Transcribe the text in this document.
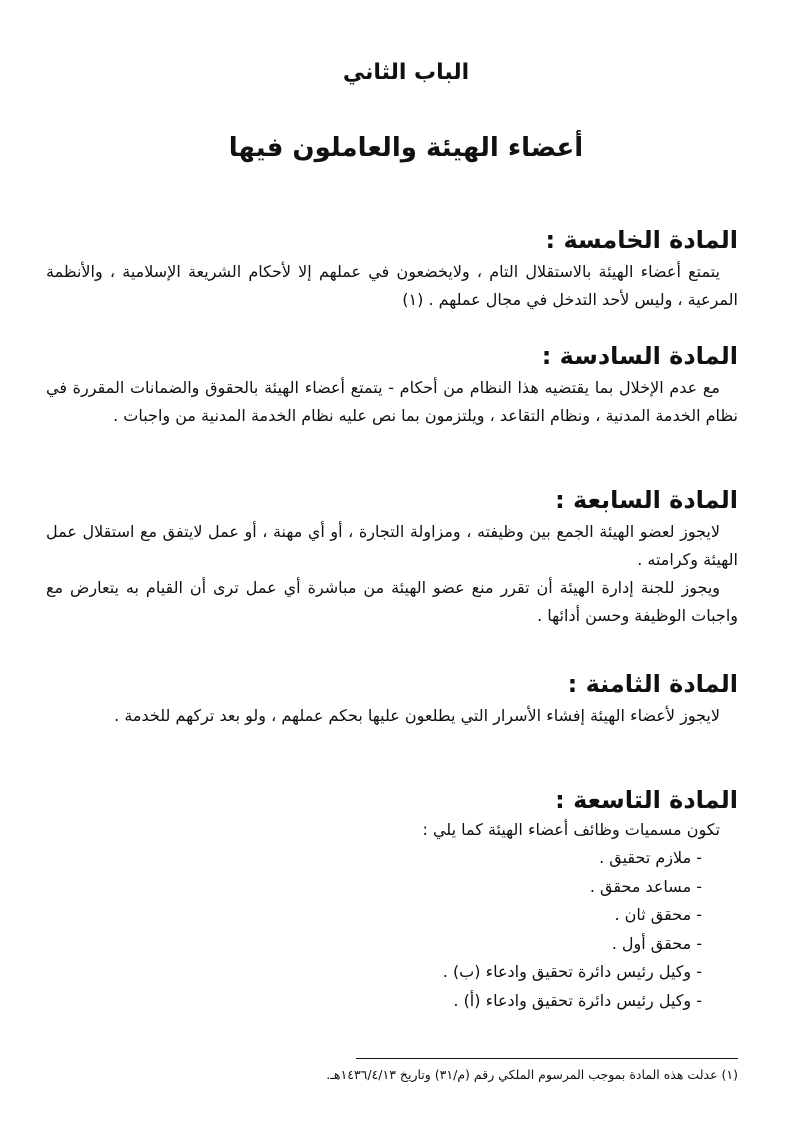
الباب الثاني
أعضاء الهيئة والعاملون فيها
المادة الخامسة :

يتمتع أعضاء الهيئة بالاستقلال التام ، ولايخضعون في عملهم إلا لأحكام الشريعة الإسلامية ، والأنظمة المرعية ، وليس لأحد التدخل في مجال عملهم . (١)

المادة السادسة :

مع عدم الإخلال بما يقتضيه هذا النظام من أحكام - يتمتع أعضاء الهيئة بالحقوق والضمانات المقررة في نظام الخدمة المدنية ، ونظام التقاعد ، ويلتزمون بما نص عليه نظام الخدمة المدنية من واجبات .

المادة السابعة :

لايجوز لعضو الهيئة الجمع بين وظيفته ، ومزاولة التجارة ، أو أي مهنة ، أو عمل لايتفق مع استقلال عمل الهيئة وكرامته .

ويجوز للجنة إدارة الهيئة أن تقرر منع عضو الهيئة من مباشرة أي عمل ترى أن القيام به يتعارض مع واجبات الوظيفة وحسن أدائها .

المادة الثامنة :

لايجوز لأعضاء الهيئة إفشاء الأسرار التي يطلعون عليها بحكم عملهم ، ولو بعد تركهم للخدمة .

المادة التاسعة :
تكون مسميات وظائف أعضاء الهيئة كما يلي :
- ملازم تحقيق .
- مساعد محقق .
- محقق ثان .
- محقق أول .
- وكيل رئيس دائرة تحقيق وادعاء (ب) .
- وكيل رئيس دائرة تحقيق وادعاء (أ) .
(١) عدلت هذه المادة بموجب المرسوم الملكي رقم (م/٣١) وتاريخ ١٤٣٦/٤/١٣هـ.
